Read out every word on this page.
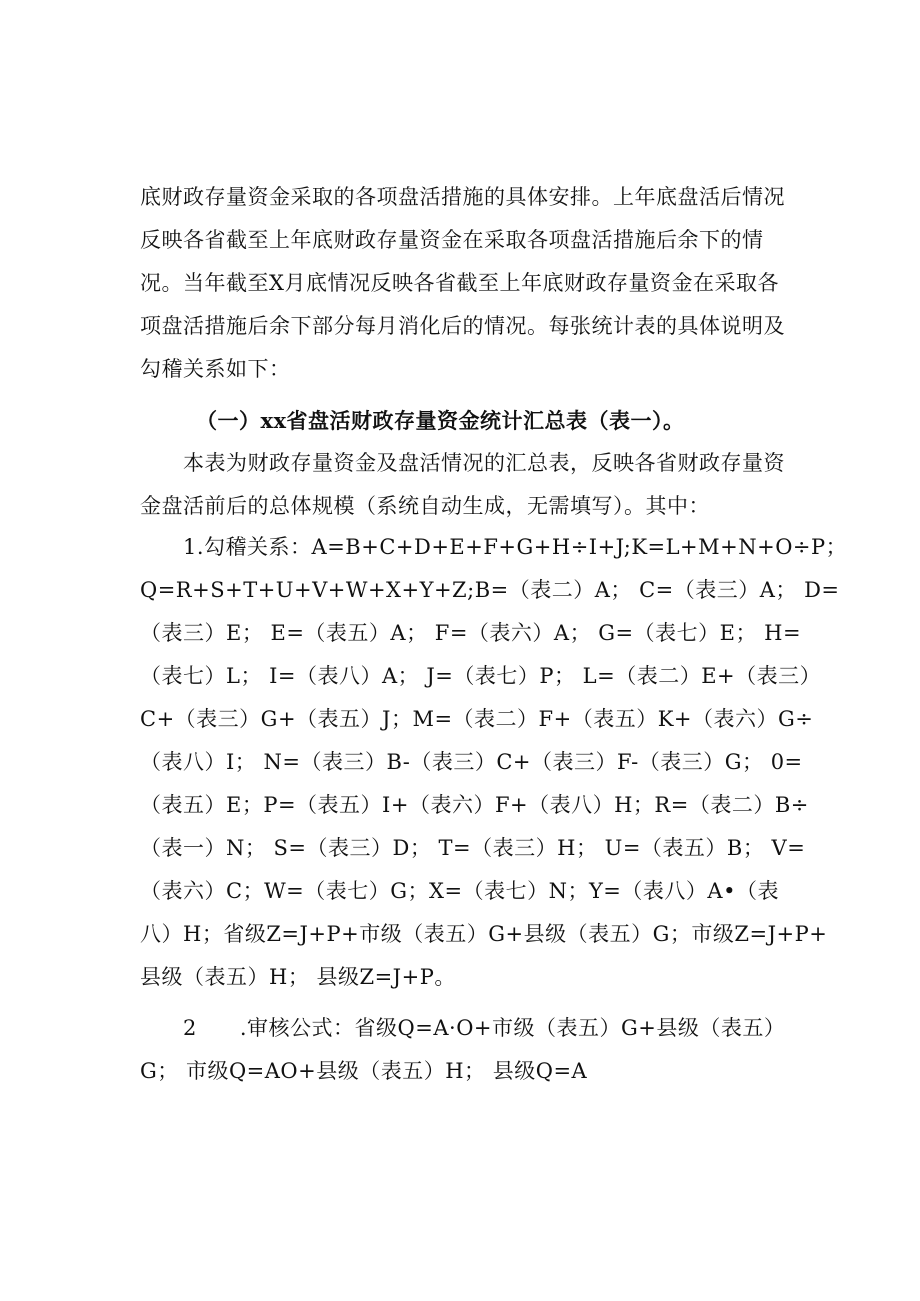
底财政存量资金采取的各项盘活措施的具体安排。上年底盘活后情况
反映各省截至上年底财政存量资金在采取各项盘活措施后余下的情
况。当年截至X月底情况反映各省截至上年底财政存量资金在采取各
项盘活措施后余下部分每月消化后的情况。每张统计表的具体说明及
勾稽关系如下：
（一）xx省盘活财政存量资金统计汇总表（表一）。
　　本表为财政存量资金及盘活情况的汇总表，反映各省财政存量资
金盘活前后的总体规模（系统自动生成，无需填写）。其中：
　　1.勾稽关系：A=B+C+D+E+F+G+H÷I+J;K=L+M+N+O÷P；
Q=R+S+T+U+V+W+X+Y+Z;B=（表二）A； C=（表三）A； D=
（表三）E； E=（表五）A； F=（表六）A； G=（表七）E； H=
（表七）L； I=（表八）A； J=（表七）P； L=（表二）E+（表三）
C+（表三）G+（表五）J；M=（表二）F+（表五）K+（表六）G÷
（表八）I； N=（表三）B-（表三）C+（表三）F-（表三）G； 0=
（表五）E；P=（表五）I+（表六）F+（表八）H；R=（表二）B÷
（表一）N； S=（表三）D； T=（表三）H； U=（表五）B； V=
（表六）C；W=（表七）G；X=（表七）N；Y=（表八）A•（表
八）H；省级Z=J+P+市级（表五）G+县级（表五）G；市级Z=J+P+
县级（表五）H； 县级Z=J+P。
　　2　　.审核公式：省级Q=A·O+市级（表五）G+县级（表五）
G； 市级Q=AO+县级（表五）H； 县级Q=A
